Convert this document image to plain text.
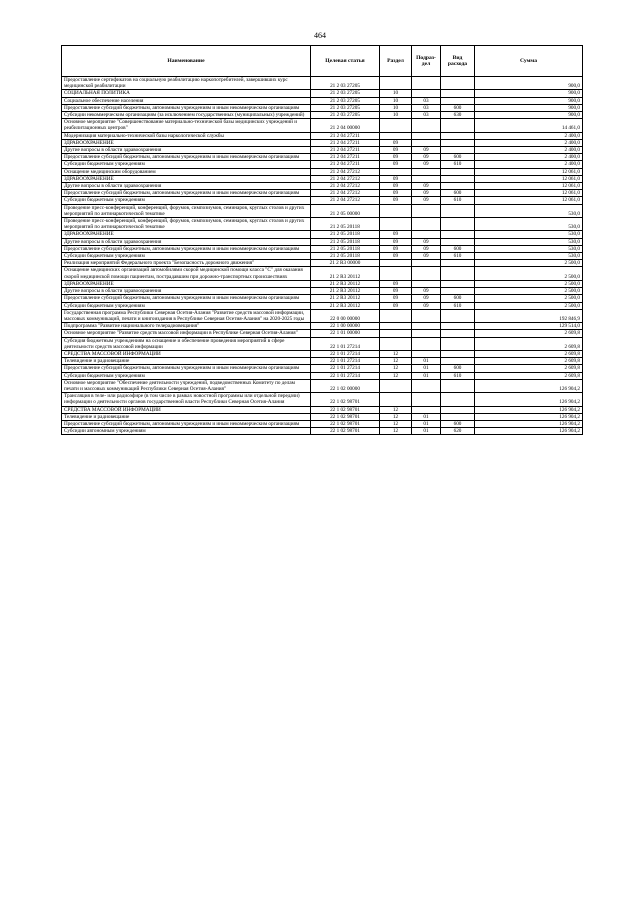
464
Наименование	Целевая статья	Раздел	Подраз-дел	Вид расхода	Сумма
Предоставление сертификатов на социальную реабилитацию наркопотребителей, завершивших курс медицинской реабилитации	21 2 03 27205				900,0
СОЦИАЛЬНАЯ ПОЛИТИКА	21 2 03 27205	10			900,0
Социальное обеспечение населения	21 2 03 27205	10	03		900,0
Предоставление субсидий бюджетным, автономным учреждениям и иным некоммерческим организациям	21 2 03 27205	10	03	600	900,0
Субсидии некоммерческим организациям (за исключением государственных (муниципальных) учреждений)	21 2 03 27205	10	03	630	900,0
Основное мероприятие "Совершенствование материально-технической базы медицинских учреждений и реабилитационных центров"	21 2 04 00000				14 461,0
Модернизация материально-технической базы наркологической службы	21 2 04 27211				2 400,0
ЗДРАВООХРАНЕНИЕ	21 2 04 27211	09			2 400,0
Другие вопросы в области здравоохранения	21 2 04 27211	09	09		2 400,0
Предоставление субсидий бюджетным, автономным учреждениям и иным некоммерческим организациям	21 2 04 27211	09	09	600	2 400,0
Субсидии бюджетным учреждениям	21 2 04 27211	09	09	610	2 400,0
Оснащение медицинским оборудованием	21 2 04 27212				12 061,0
ЗДРАВООХРАНЕНИЕ	21 2 04 27212	09			12 061,0
Другие вопросы в области здравоохранения	21 2 04 27212	09	09		12 061,0
Предоставление субсидий бюджетным, автономным учреждениям и иным некоммерческим организациям	21 2 04 27212	09	09	600	12 061,0
Субсидии бюджетным учреждениям	21 2 04 27212	09	09	610	12 061,0
Проведение пресс-конференций, конференций, форумов, симпозиумов, семинаров, круглых столов и других мероприятий по антинаркотической тематике	21 2 05 00000				530,0
Проведение пресс-конференций, конференций, форумов, симпозиумов, семинаров, круглых столов и других мероприятий по антинаркотической тематике	21 2 05 20118				530,0
ЗДРАВООХРАНЕНИЕ	21 2 05 20118	09			530,0
Другие вопросы в области здравоохранения	21 2 05 20118	09	09		530,0
Предоставление субсидий бюджетным, автономным учреждениям и иным некоммерческим организациям	21 2 05 20118	09	09	600	530,0
Субсидии бюджетным учреждениям	21 2 05 20118	09	09	610	530,0
Реализация мероприятий Федерального проекта "Безопасность дорожного движения"	21 2 R3 00000				2 500,0
Оснащение медицинских организаций автомобилями скорой медицинской помощи класса "С" для оказания скорой медицинской помощи пациентам, пострадавшим при дорожно-транспортных происшествиях	21 2 R3 20112				2 500,0
ЗДРАВООХРАНЕНИЕ	21 2 R3 20112	09			2 500,0
Другие вопросы в области здравоохранения	21 2 R3 20112	09	09		2 500,0
Предоставление субсидий бюджетным, автономным учреждениям и иным некоммерческим организациям	21 2 R3 20112	09	09	600	2 500,0
Субсидии бюджетным учреждениям	21 2 R3 20112	09	09	610	2 500,0
Государственная программа Республики Северная Осетия-Алания "Развитие средств массовой информации, массовых коммуникаций, печати и книгоиздания в Республике Северная Осетия-Алания" на 2020-2025 годы	22 0 00 00000				192 846,9
Подпрограмма "Развитие национального телерадиовещания"	22 1 00 00000				129 514,0
Основное мероприятие "Развитие средств массовой информации в Республике Северная Осетия-Алания"	22 1 01 00000				2 609,8
Субсидия бюджетным учреждениям на оснащение и обеспечение проведения мероприятий в сфере деятельности средств массовой информации	22 1 01 27214				2 609,8
СРЕДСТВА МАССОВОЙ ИНФОРМАЦИИ	22 1 01 27214	12			2 609,8
Телевидение и радиовещание	22 1 01 27214	12	01		2 609,8
Предоставление субсидий бюджетным, автономным учреждениям и иным некоммерческим организациям	22 1 01 27214	12	01	600	2 609,8
Субсидии бюджетным учреждениям	22 1 01 27214	12	01	610	2 609,8
Основное мероприятие "Обеспечение деятельности учреждений, подведомственных Комитету по делам печати и массовых коммуникаций Республики Северная Осетия-Алания"	22 1 02 00000				126 904,2
Трансляция в теле- или радиоэфире (в том числе в рамках новостной программы или отдельной передачи) информации о деятельности органов государственной власти Республики Северная Осетия-Алания	22 1 02 98701				126 904,2
СРЕДСТВА МАССОВОЙ ИНФОРМАЦИИ	22 1 02 98701	12			126 904,2
Телевидение и радиовещание	22 1 02 98701	12	01		126 904,2
Предоставление субсидий бюджетным, автономным учреждениям и иным некоммерческим организациям	22 1 02 98701	12	01	600	126 904,2
Субсидии автономным учреждениям	22 1 02 98701	12	01	620	126 904,2
